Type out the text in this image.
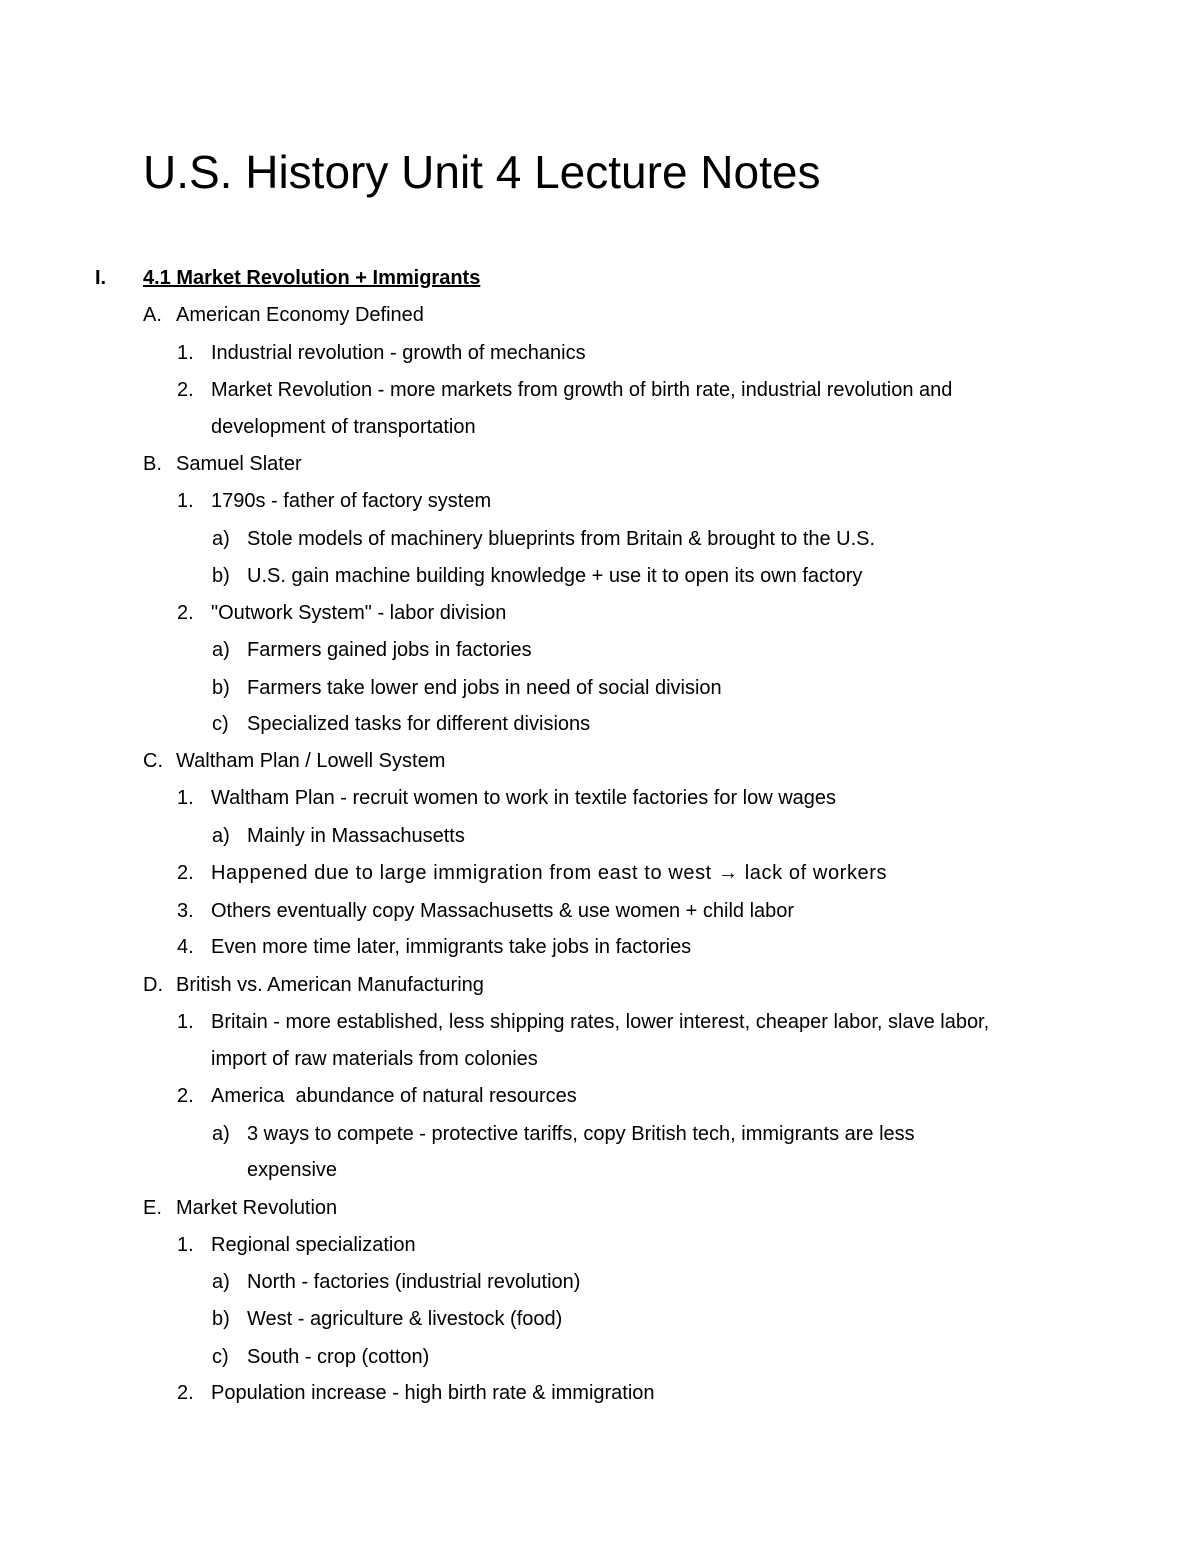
U.S. History Unit 4 Lecture Notes
I. 4.1 Market Revolution + Immigrants
A. American Economy Defined
1. Industrial revolution - growth of mechanics
2. Market Revolution - more markets from growth of birth rate, industrial revolution and
development of transportation
B. Samuel Slater
1. 1790s - father of factory system
a) Stole models of machinery blueprints from Britain & brought to the U.S.
b) U.S. gain machine building knowledge + use it to open its own factory
2. "Outwork System" - labor division
a) Farmers gained jobs in factories
b) Farmers take lower end jobs in need of social division
c) Specialized tasks for different divisions
C. Waltham Plan / Lowell System
1. Waltham Plan - recruit women to work in textile factories for low wages
a) Mainly in Massachusetts
2. Happened due to large immigration from east to west → lack of workers
3. Others eventually copy Massachusetts & use women + child labor
4. Even more time later, immigrants take jobs in factories
D. British vs. American Manufacturing
1. Britain - more established, less shipping rates, lower interest, cheaper labor, slave labor,
import of raw materials from colonies
2. America  abundance of natural resources
a) 3 ways to compete - protective tariffs, copy British tech, immigrants are less
expensive
E. Market Revolution
1. Regional specialization
a) North - factories (industrial revolution)
b) West - agriculture & livestock (food)
c) South - crop (cotton)
2. Population increase - high birth rate & immigration
